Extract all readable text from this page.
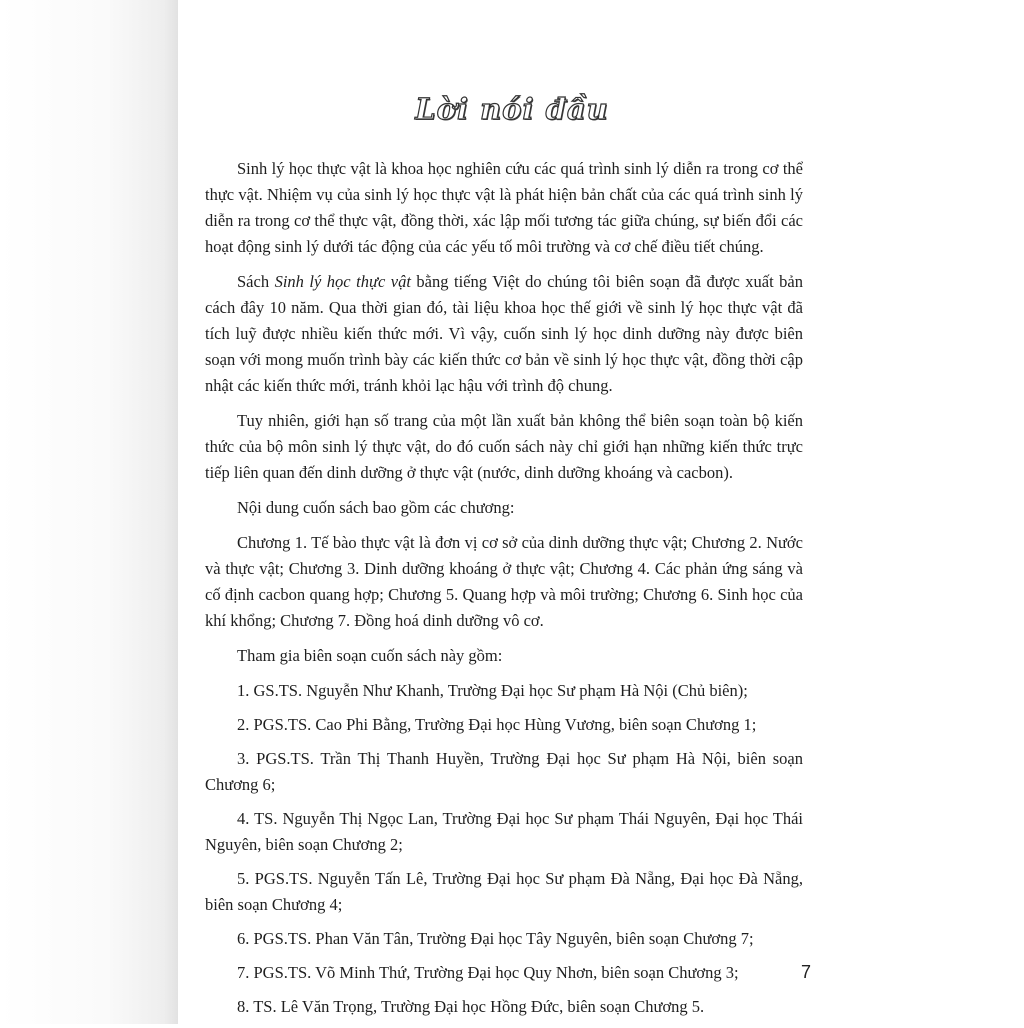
Lời nói đầu

Sinh lý học thực vật là khoa học nghiên cứu các quá trình sinh lý diễn ra trong cơ thể thực vật. Nhiệm vụ của sinh lý học thực vật là phát hiện bản chất của các quá trình sinh lý diễn ra trong cơ thể thực vật, đồng thời, xác lập mối tương tác giữa chúng, sự biến đổi các hoạt động sinh lý dưới tác động của các yếu tố môi trường và cơ chế điều tiết chúng.

Sách Sinh lý học thực vật bằng tiếng Việt do chúng tôi biên soạn đã được xuất bản cách đây 10 năm. Qua thời gian đó, tài liệu khoa học thế giới về sinh lý học thực vật đã tích luỹ được nhiều kiến thức mới. Vì vậy, cuốn sinh lý học dinh dưỡng này được biên soạn với mong muốn trình bày các kiến thức cơ bản về sinh lý học thực vật, đồng thời cập nhật các kiến thức mới, tránh khỏi lạc hậu với trình độ chung.

Tuy nhiên, giới hạn số trang của một lần xuất bản không thể biên soạn toàn bộ kiến thức của bộ môn sinh lý thực vật, do đó cuốn sách này chỉ giới hạn những kiến thức trực tiếp liên quan đến dinh dưỡng ở thực vật (nước, dinh dưỡng khoáng và cacbon).

Nội dung cuốn sách bao gồm các chương:

Chương 1. Tế bào thực vật là đơn vị cơ sở của dinh dưỡng thực vật; Chương 2. Nước và thực vật; Chương 3. Dinh dưỡng khoáng ở thực vật; Chương 4. Các phản ứng sáng và cố định cacbon quang hợp; Chương 5. Quang hợp và môi trường; Chương 6. Sinh học của khí khổng; Chương 7. Đồng hoá dinh dưỡng vô cơ.

Tham gia biên soạn cuốn sách này gồm:

1. GS.TS. Nguyễn Như Khanh, Trường Đại học Sư phạm Hà Nội (Chủ biên);

2. PGS.TS. Cao Phi Bằng, Trường Đại học Hùng Vương, biên soạn Chương 1;

3. PGS.TS. Trần Thị Thanh Huyền, Trường Đại học Sư phạm Hà Nội, biên soạn Chương 6;

4. TS. Nguyễn Thị Ngọc Lan, Trường Đại học Sư phạm Thái Nguyên, Đại học Thái Nguyên, biên soạn Chương 2;

5. PGS.TS. Nguyễn Tấn Lê, Trường Đại học Sư phạm Đà Nẵng, Đại học Đà Nẵng, biên soạn Chương 4;

6. PGS.TS. Phan Văn Tân, Trường Đại học Tây Nguyên, biên soạn Chương 7;

7. PGS.TS. Võ Minh Thứ, Trường Đại học Quy Nhơn, biên soạn Chương 3;

8. TS. Lê Văn Trọng, Trường Đại học Hồng Đức, biên soạn Chương 5.

7
